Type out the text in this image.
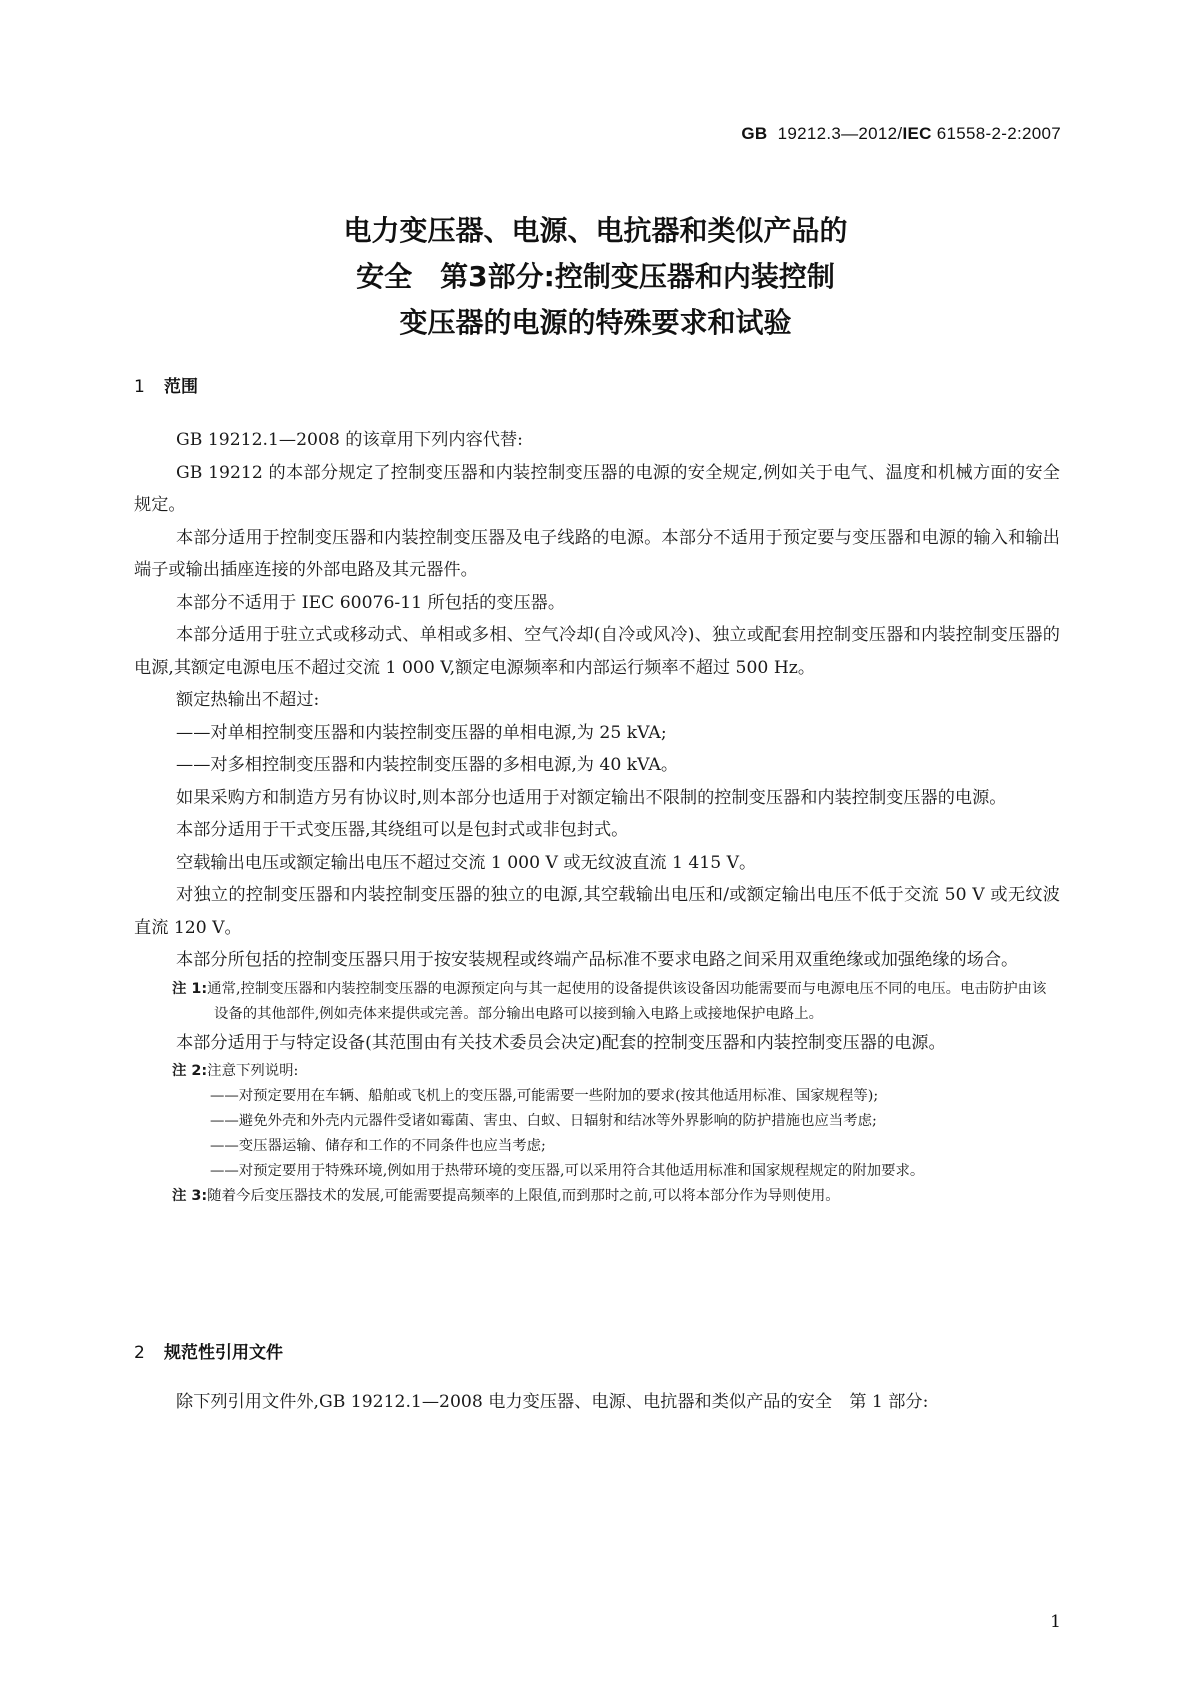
GB 19212.3—2012/IEC 61558-2-2:2007
电力变压器、电源、电抗器和类似产品的
安全　第3部分:控制变压器和内装控制
变压器的电源的特殊要求和试验
1 范围

GB 19212.1—2008 的该章用下列内容代替:

GB 19212 的本部分规定了控制变压器和内装控制变压器的电源的安全规定,例如关于电气、温度和机械方面的安全规定。

本部分适用于控制变压器和内装控制变压器及电子线路的电源。本部分不适用于预定要与变压器和电源的输入和输出端子或输出插座连接的外部电路及其元器件。

本部分不适用于 IEC 60076-11 所包括的变压器。

本部分适用于驻立式或移动式、单相或多相、空气冷却(自冷或风冷)、独立或配套用控制变压器和内装控制变压器的电源,其额定电源电压不超过交流 1 000 V,额定电源频率和内部运行频率不超过 500 Hz。

额定热输出不超过:

——对单相控制变压器和内装控制变压器的单相电源,为 25 kVA;

——对多相控制变压器和内装控制变压器的多相电源,为 40 kVA。

如果采购方和制造方另有协议时,则本部分也适用于对额定输出不限制的控制变压器和内装控制变压器的电源。

本部分适用于干式变压器,其绕组可以是包封式或非包封式。

空载输出电压或额定输出电压不超过交流 1 000 V 或无纹波直流 1 415 V。

对独立的控制变压器和内装控制变压器的独立的电源,其空载输出电压和/或额定输出电压不低于交流 50 V 或无纹波直流 120 V。

本部分所包括的控制变压器只用于按安装规程或终端产品标准不要求电路之间采用双重绝缘或加强绝缘的场合。

注 1:通常,控制变压器和内装控制变压器的电源预定向与其一起使用的设备提供该设备因功能需要而与电源电压不同的电压。电击防护由该设备的其他部件,例如壳体来提供或完善。部分输出电路可以接到输入电路上或接地保护电路上。

本部分适用于与特定设备(其范围由有关技术委员会决定)配套的控制变压器和内装控制变压器的电源。

注 2:注意下列说明:

——对预定要用在车辆、船舶或飞机上的变压器,可能需要一些附加的要求(按其他适用标准、国家规程等);

——避免外壳和外壳内元器件受诸如霉菌、害虫、白蚁、日辐射和结冰等外界影响的防护措施也应当考虑;

——变压器运输、储存和工作的不同条件也应当考虑;

——对预定要用于特殊环境,例如用于热带环境的变压器,可以采用符合其他适用标准和国家规程规定的附加要求。

注 3:随着今后变压器技术的发展,可能需要提高频率的上限值,而到那时之前,可以将本部分作为导则使用。

2 规范性引用文件

除下列引用文件外,GB 19212.1—2008 电力变压器、电源、电抗器和类似产品的安全　第 1 部分:

1
